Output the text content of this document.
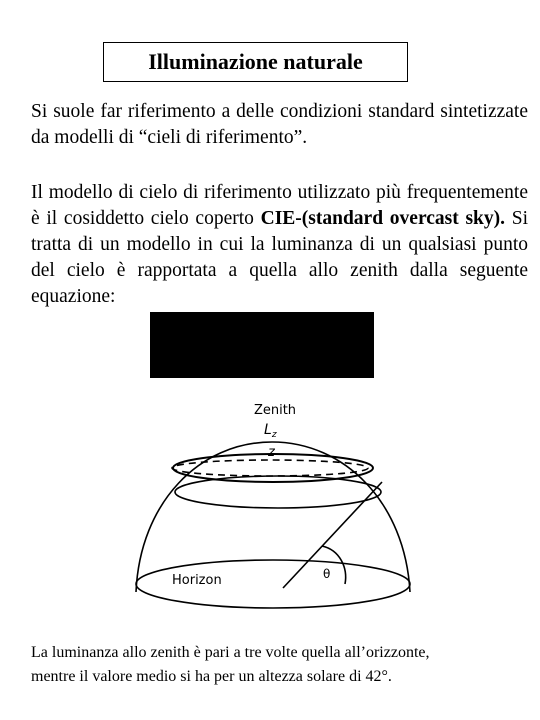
Illuminazione naturale

Si suole far riferimento a delle condizioni standard sintetizzate da modelli di “cieli di riferimento”.

Il modello di cielo di riferimento utilizzato più frequentemente è il cosiddetto cielo coperto CIE-(standard overcast sky). Si tratta di un modello in cui la luminanza di un qualsiasi punto del cielo è rapportata a quella allo zenith dalla seguente equazione:

Zenith
$L_z$
z
Horizon	θ

La luminanza allo zenith è pari a tre volte quella all’orizzonte,
mentre il valore medio si ha per un altezza solare di 42°.
